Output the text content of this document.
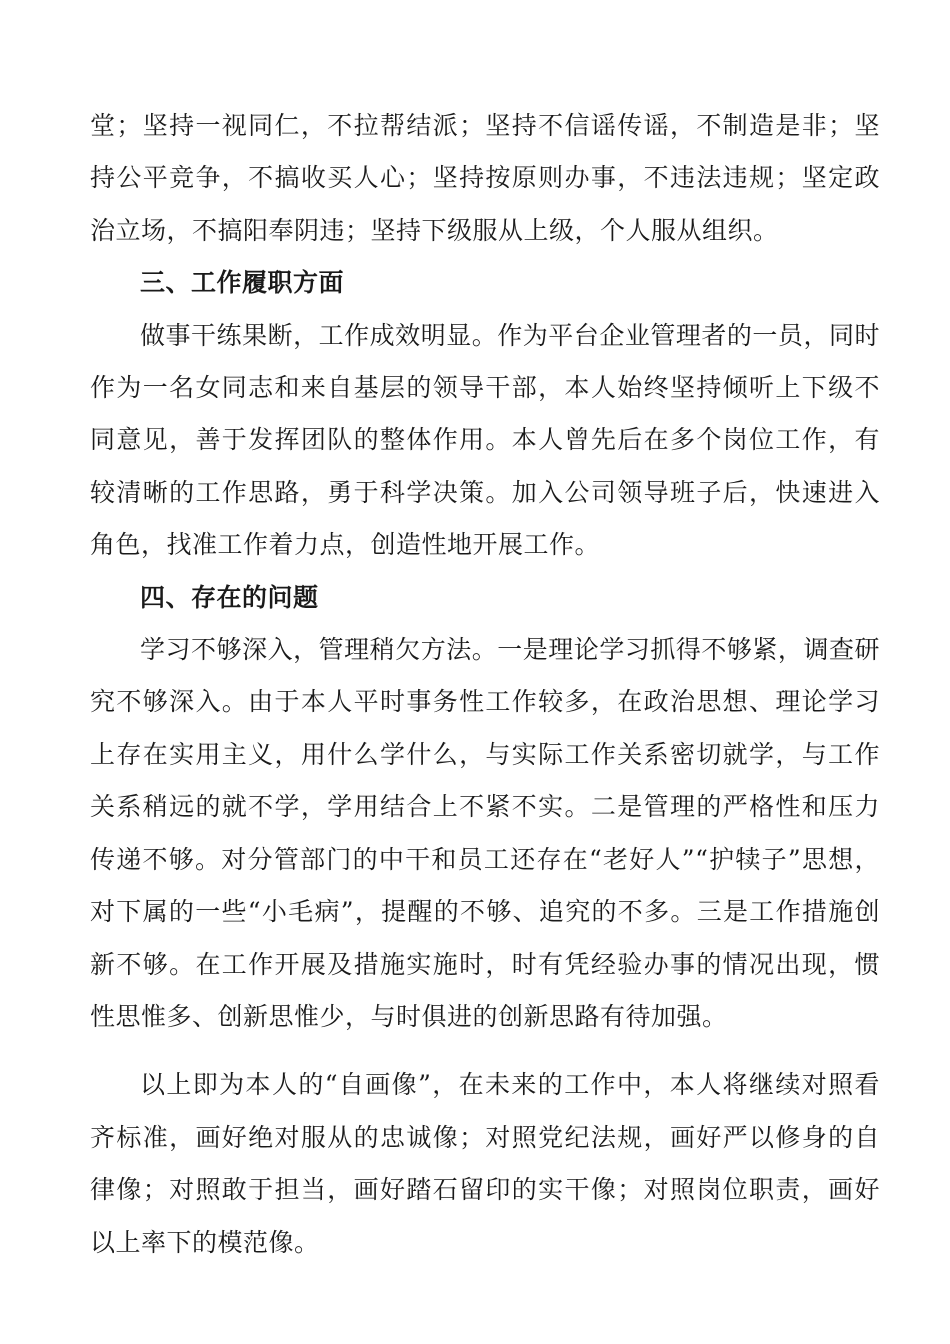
堂；坚持一视同仁，不拉帮结派；坚持不信谣传谣，不制造是非；坚持公平竞争，不搞收买人心；坚持按原则办事，不违法违规；坚定政治立场，不搞阳奉阴违；坚持下级服从上级，个人服从组织。

三、工作履职方面

做事干练果断，工作成效明显。作为平台企业管理者的一员，同时作为一名女同志和来自基层的领导干部，本人始终坚持倾听上下级不同意见，善于发挥团队的整体作用。本人曾先后在多个岗位工作，有较清晰的工作思路，勇于科学决策。加入公司领导班子后，快速进入角色，找准工作着力点，创造性地开展工作。

四、存在的问题

学习不够深入，管理稍欠方法。一是理论学习抓得不够紧，调查研究不够深入。由于本人平时事务性工作较多，在政治思想、理论学习上存在实用主义，用什么学什么，与实际工作关系密切就学，与工作关系稍远的就不学，学用结合上不紧不实。二是管理的严格性和压力传递不够。对分管部门的中干和员工还存在“老好人”“护犊子”思想，对下属的一些“小毛病”，提醒的不够、追究的不多。三是工作措施创新不够。在工作开展及措施实施时，时有凭经验办事的情况出现，惯性思惟多、创新思惟少，与时俱进的创新思路有待加强。

以上即为本人的“自画像”，在未来的工作中，本人将继续对照看齐标准，画好绝对服从的忠诚像；对照党纪法规，画好严以修身的自律像；对照敢于担当，画好踏石留印的实干像；对照岗位职责，画好以上率下的模范像。
